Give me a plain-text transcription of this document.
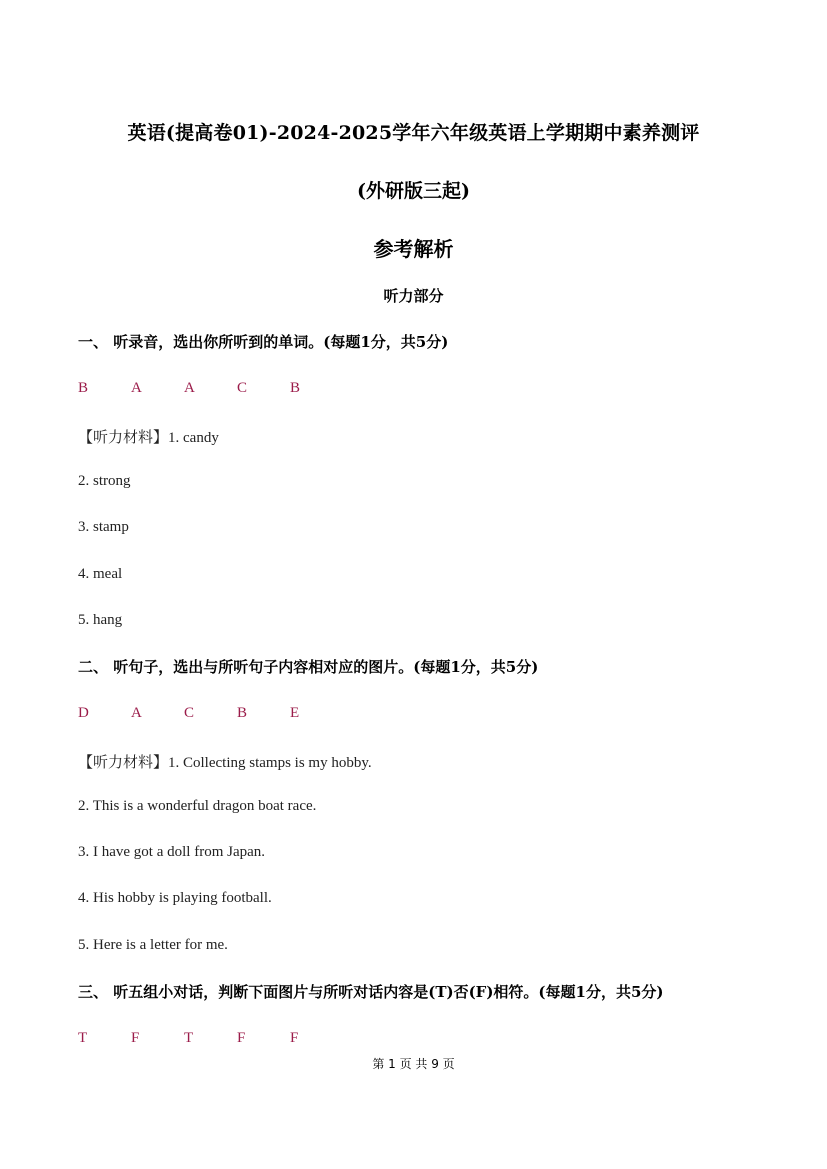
英语(提高卷01)-2024-2025学年六年级英语上学期期中素养测评
(外研版三起)
参考解析
听力部分
一、 听录音，选出你所听到的单词。(每题1分，共5分)
B	A	A	C	B
【听力材料】1. candy
2. strong
3. stamp
4. meal
5. hang
二、 听句子，选出与所听句子内容相对应的图片。(每题1分，共5分)
D	A	C	B	E
【听力材料】1. Collecting stamps is my hobby.
2. This is a wonderful dragon boat race.
3. I have got a doll from Japan.
4. His hobby is playing football.
5. Here is a letter for me.
三、 听五组小对话，判断下面图片与所听对话内容是(T)否(F)相符。(每题1分，共5分)
T	F	T	F	F
第 1 页 共 9 页
